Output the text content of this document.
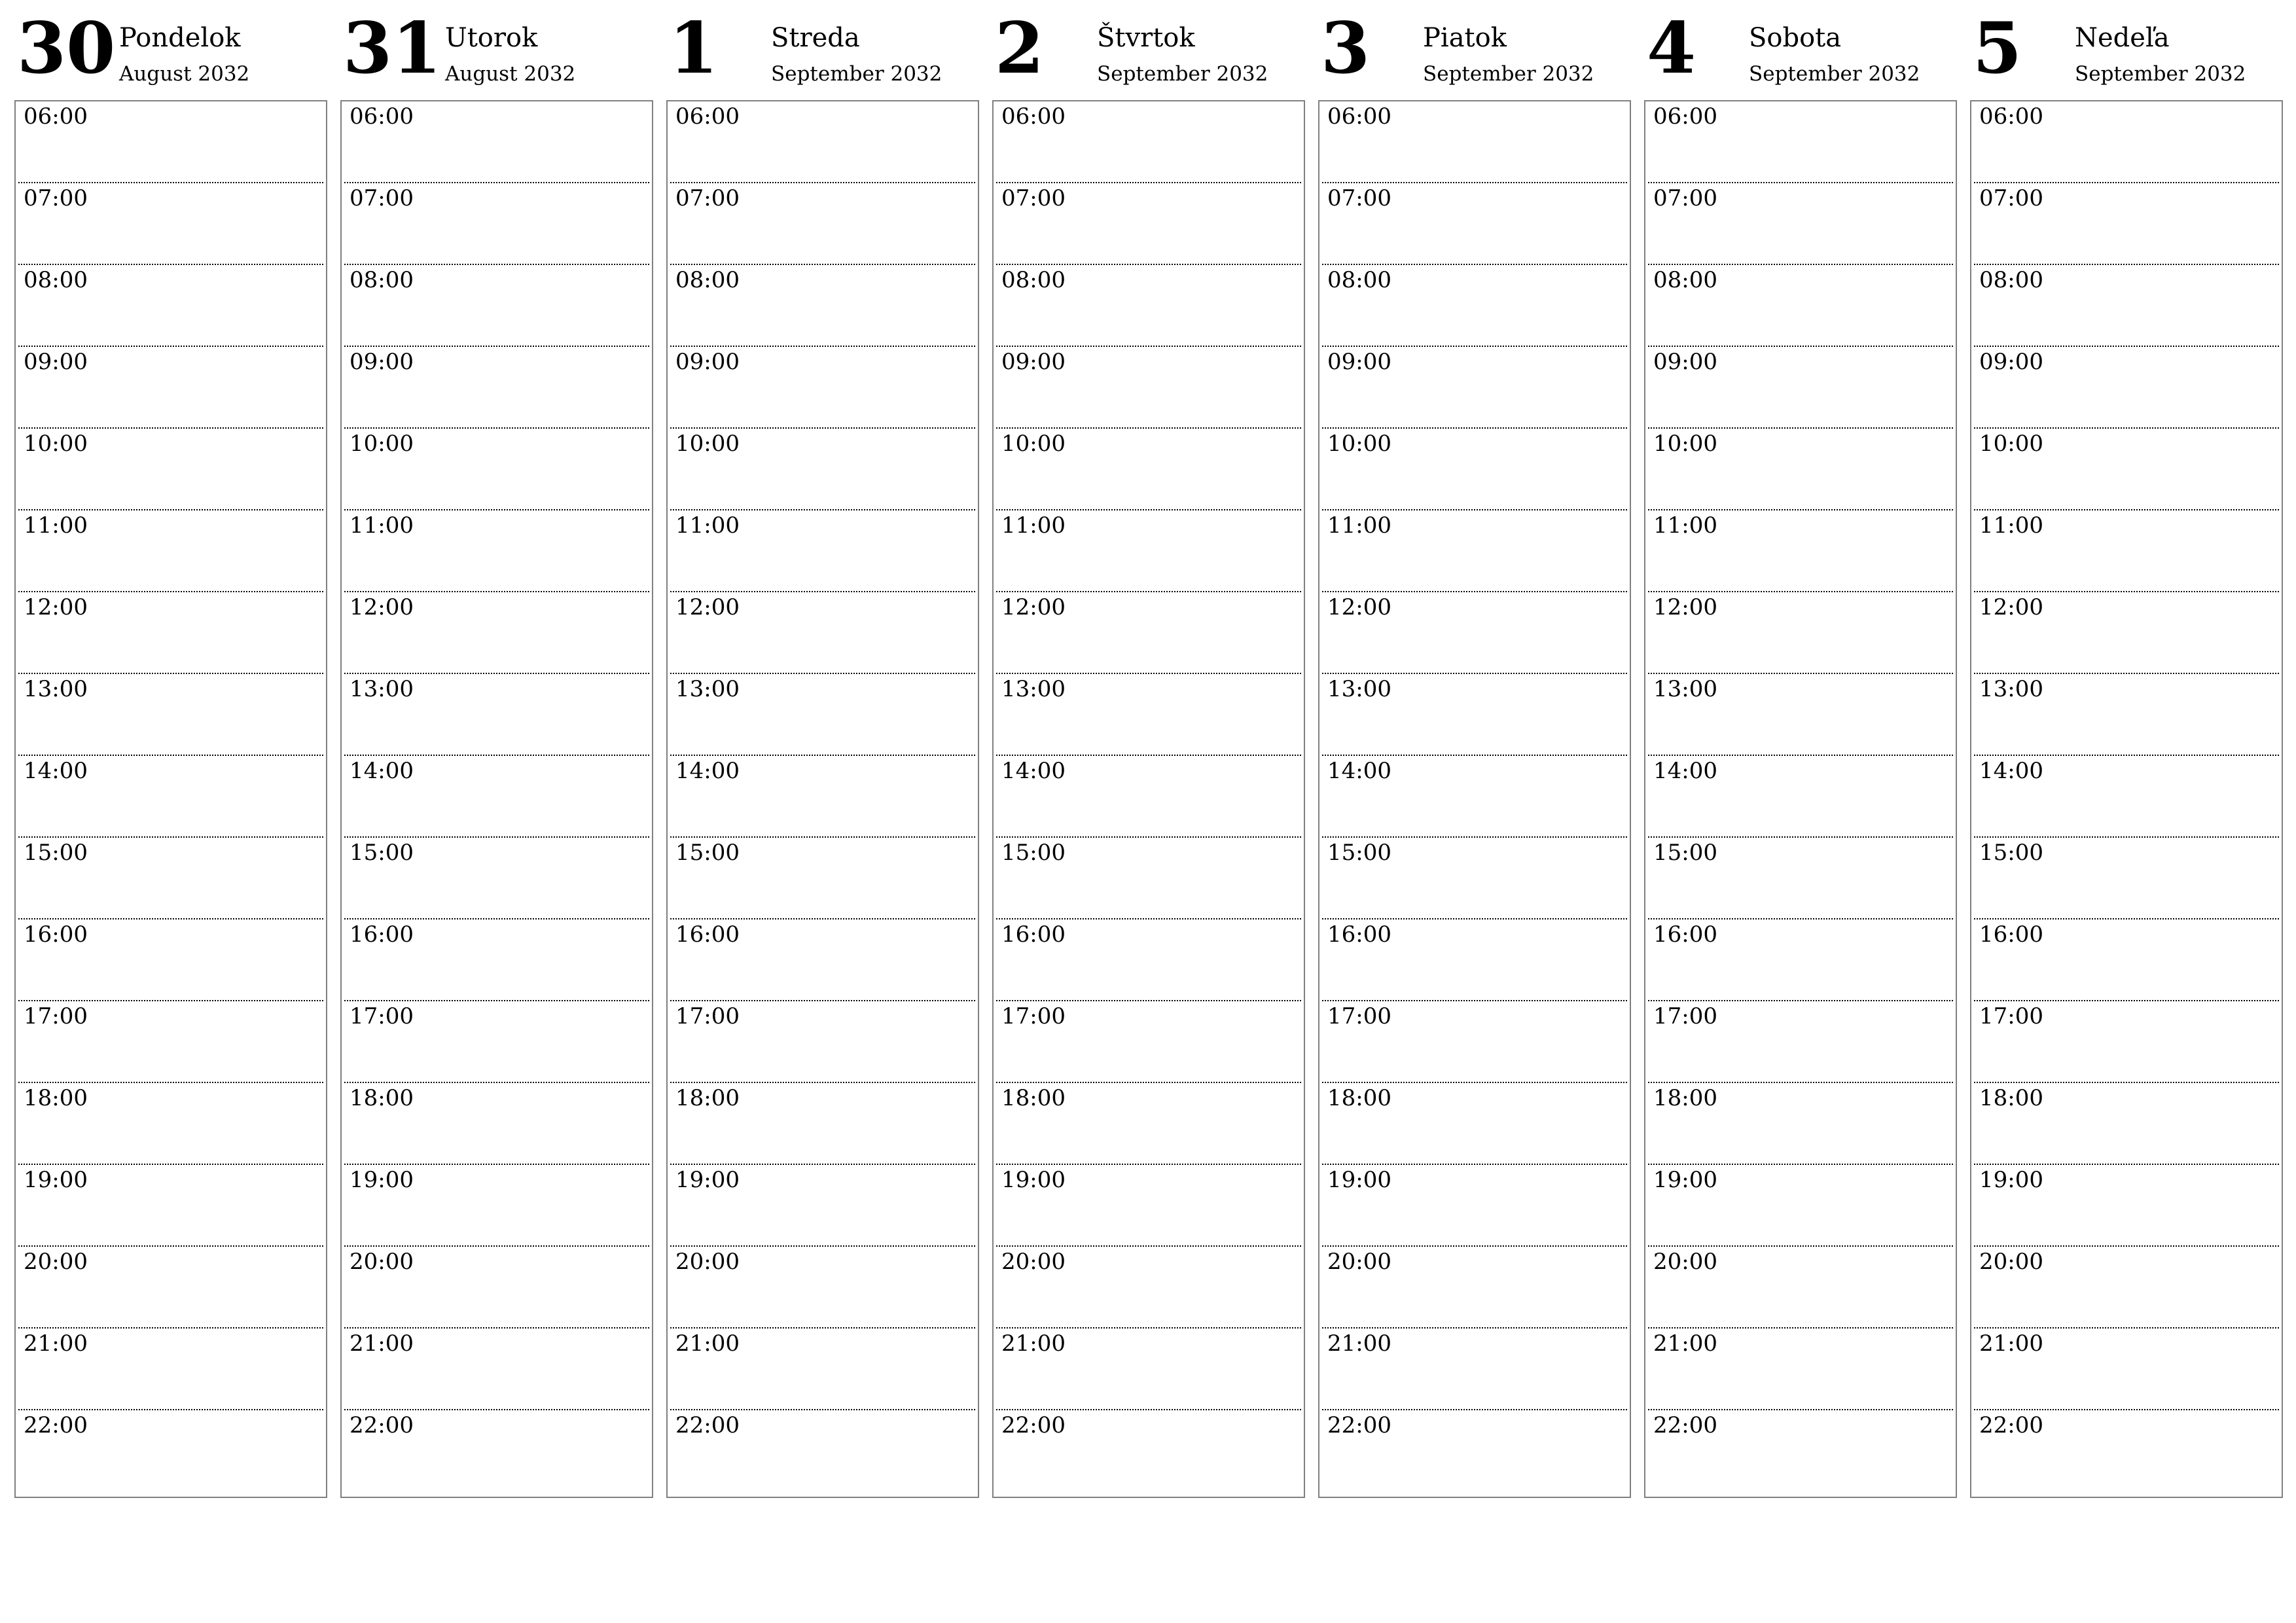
30 Pondelok
August 2032
06:00
07:00
08:00
09:00
10:00
11:00
12:00
13:00
14:00
15:00
16:00
17:00
18:00
19:00
20:00
21:00
22:00
31 Utorok
August 2032
06:00
07:00
08:00
09:00
10:00
11:00
12:00
13:00
14:00
15:00
16:00
17:00
18:00
19:00
20:00
21:00
22:00
1 Streda
September 2032
06:00
07:00
08:00
09:00
10:00
11:00
12:00
13:00
14:00
15:00
16:00
17:00
18:00
19:00
20:00
21:00
22:00
2 Štvrtok
September 2032
06:00
07:00
08:00
09:00
10:00
11:00
12:00
13:00
14:00
15:00
16:00
17:00
18:00
19:00
20:00
21:00
22:00
3 Piatok
September 2032
06:00
07:00
08:00
09:00
10:00
11:00
12:00
13:00
14:00
15:00
16:00
17:00
18:00
19:00
20:00
21:00
22:00
4 Sobota
September 2032
06:00
07:00
08:00
09:00
10:00
11:00
12:00
13:00
14:00
15:00
16:00
17:00
18:00
19:00
20:00
21:00
22:00
5 Nedeľa
September 2032
06:00
07:00
08:00
09:00
10:00
11:00
12:00
13:00
14:00
15:00
16:00
17:00
18:00
19:00
20:00
21:00
22:00
